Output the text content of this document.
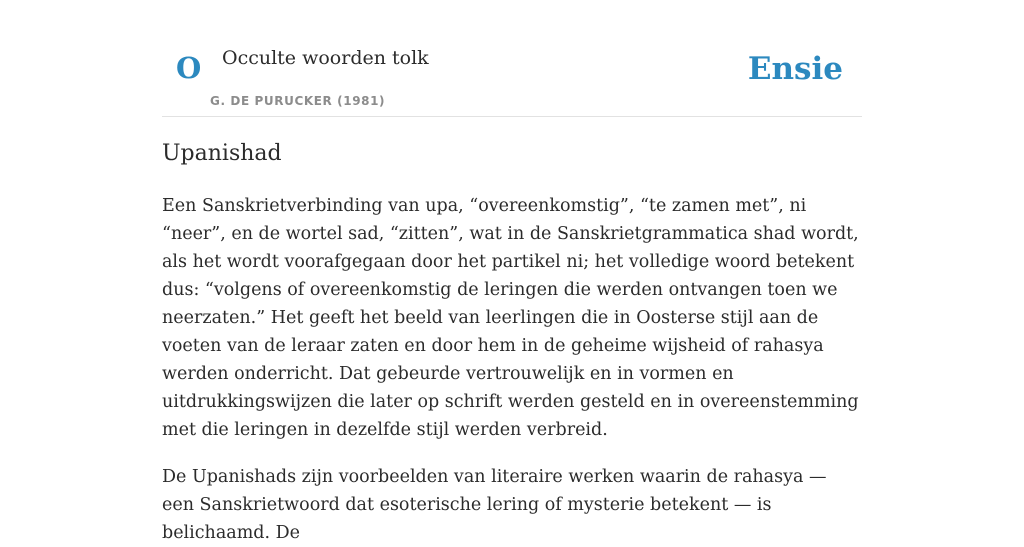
O Occulte woorden tolk
G. DE PURUCKER (1981)
Ensie
Upanishad

Een Sanskrietverbinding van upa, “overeenkomstig”, “te zamen met”, ni “neer”, en de wortel sad, “zitten”, wat in de Sanskrietgrammatica shad wordt, als het wordt voorafgegaan door het partikel ni; het volledige woord betekent dus: “volgens of overeenkomstig de leringen die werden ontvangen toen we neerzaten.” Het geeft het beeld van leerlingen die in Oosterse stijl aan de voeten van de leraar zaten en door hem in de geheime wijsheid of rahasya werden onderricht. Dat gebeurde vertrouwelijk en in vormen en uitdrukkingswijzen die later op schrift werden gesteld en in overeenstemming met die leringen in dezelfde stijl werden verbreid.

De Upanishads zijn voorbeelden van literaire werken waarin de rahasya — een Sanskrietwoord dat esoterische lering of mysterie betekent — is belichaamd. De
